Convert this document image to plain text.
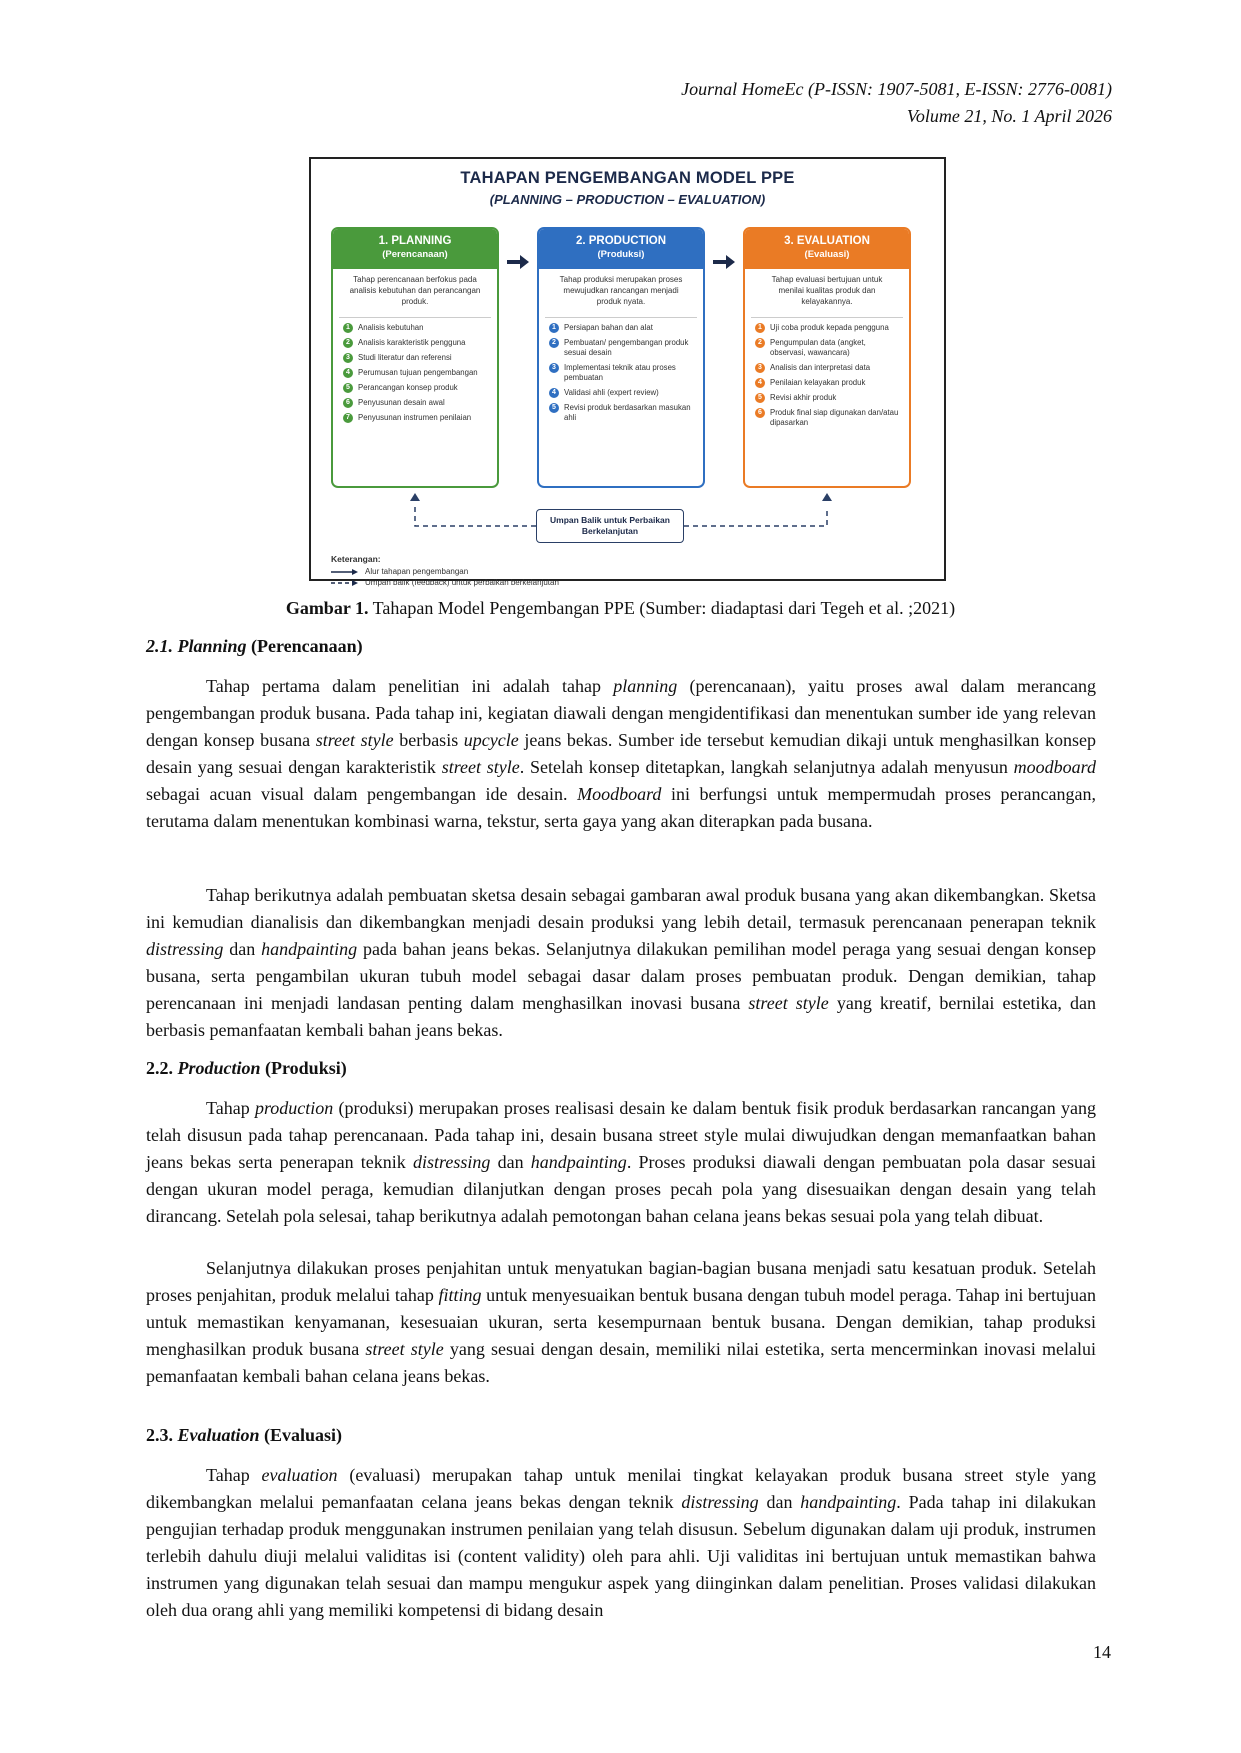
Journal HomeEc (P-ISSN: 1907-5081, E-ISSN: 2776-0081)
Volume 21, No. 1 April 2026
TAHAPAN PENGEMBANGAN MODEL PPE
(PLANNING – PRODUCTION – EVALUATION)
1. PLANNING
(Perencanaan)
Tahap perencanaan berfokus pada analisis kebutuhan dan perancangan produk.
1	Analisis kebutuhan
2	Analisis karakteristik pengguna
3	Studi literatur dan referensi
4	Perumusan tujuan pengembangan
5	Perancangan konsep produk
6	Penyusunan desain awal
7	Penyusunan instrumen penilaian
2. PRODUCTION
(Produksi)
Tahap produksi merupakan proses mewujudkan rancangan menjadi produk nyata.
1	Persiapan bahan dan alat
2	Pembuatan/ pengembangan produk sesuai desain
3	Implementasi teknik atau proses pembuatan
4	Validasi ahli (expert review)
5	Revisi produk berdasarkan masukan ahli
3. EVALUATION
(Evaluasi)
Tahap evaluasi bertujuan untuk menilai kualitas produk dan kelayakannya.
1	Uji coba produk kepada pengguna
2	Pengumpulan data (angket, observasi, wawancara)
3	Analisis dan interpretasi data
4	Penilaian kelayakan produk
5	Revisi akhir produk
6	Produk final siap digunakan dan/atau dipasarkan
Umpan Balik untuk Perbaikan
Berkelanjutan
Keterangan:
Alur tahapan pengembangan
Umpan balik (feedback) untuk perbaikan berkelanjutan
Gambar 1. Tahapan Model Pengembangan PPE (Sumber: diadaptasi dari Tegeh et al. ;2021)
2.1. Planning (Perencanaan)

Tahap pertama dalam penelitian ini adalah tahap planning (perencanaan), yaitu proses awal dalam merancang pengembangan produk busana. Pada tahap ini, kegiatan diawali dengan mengidentifikasi dan menentukan sumber ide yang relevan dengan konsep busana street style berbasis upcycle jeans bekas. Sumber ide tersebut kemudian dikaji untuk menghasilkan konsep desain yang sesuai dengan karakteristik street style. Setelah konsep ditetapkan, langkah selanjutnya adalah menyusun moodboard sebagai acuan visual dalam pengembangan ide desain. Moodboard ini berfungsi untuk mempermudah proses perancangan, terutama dalam menentukan kombinasi warna, tekstur, serta gaya yang akan diterapkan pada busana.

Tahap berikutnya adalah pembuatan sketsa desain sebagai gambaran awal produk busana yang akan dikembangkan. Sketsa ini kemudian dianalisis dan dikembangkan menjadi desain produksi yang lebih detail, termasuk perencanaan penerapan teknik distressing dan handpainting pada bahan jeans bekas. Selanjutnya dilakukan pemilihan model peraga yang sesuai dengan konsep busana, serta pengambilan ukuran tubuh model sebagai dasar dalam proses pembuatan produk. Dengan demikian, tahap perencanaan ini menjadi landasan penting dalam menghasilkan inovasi busana street style yang kreatif, bernilai estetika, dan berbasis pemanfaatan kembali bahan jeans bekas.

2.2. Production (Produksi)

Tahap production (produksi) merupakan proses realisasi desain ke dalam bentuk fisik produk berdasarkan rancangan yang telah disusun pada tahap perencanaan. Pada tahap ini, desain busana street style mulai diwujudkan dengan memanfaatkan bahan jeans bekas serta penerapan teknik distressing dan handpainting. Proses produksi diawali dengan pembuatan pola dasar sesuai dengan ukuran model peraga, kemudian dilanjutkan dengan proses pecah pola yang disesuaikan dengan desain yang telah dirancang. Setelah pola selesai, tahap berikutnya adalah pemotongan bahan celana jeans bekas sesuai pola yang telah dibuat.

Selanjutnya dilakukan proses penjahitan untuk menyatukan bagian-bagian busana menjadi satu kesatuan produk. Setelah proses penjahitan, produk melalui tahap fitting untuk menyesuaikan bentuk busana dengan tubuh model peraga. Tahap ini bertujuan untuk memastikan kenyamanan, kesesuaian ukuran, serta kesempurnaan bentuk busana. Dengan demikian, tahap produksi menghasilkan produk busana street style yang sesuai dengan desain, memiliki nilai estetika, serta mencerminkan inovasi melalui pemanfaatan kembali bahan celana jeans bekas.

2.3. Evaluation (Evaluasi)

Tahap evaluation (evaluasi) merupakan tahap untuk menilai tingkat kelayakan produk busana street style yang dikembangkan melalui pemanfaatan celana jeans bekas dengan teknik distressing dan handpainting. Pada tahap ini dilakukan pengujian terhadap produk menggunakan instrumen penilaian yang telah disusun. Sebelum digunakan dalam uji produk, instrumen terlebih dahulu diuji melalui validitas isi (content validity) oleh para ahli. Uji validitas ini bertujuan untuk memastikan bahwa instrumen yang digunakan telah sesuai dan mampu mengukur aspek yang diinginkan dalam penelitian. Proses validasi dilakukan oleh dua orang ahli yang memiliki kompetensi di bidang desain

14
